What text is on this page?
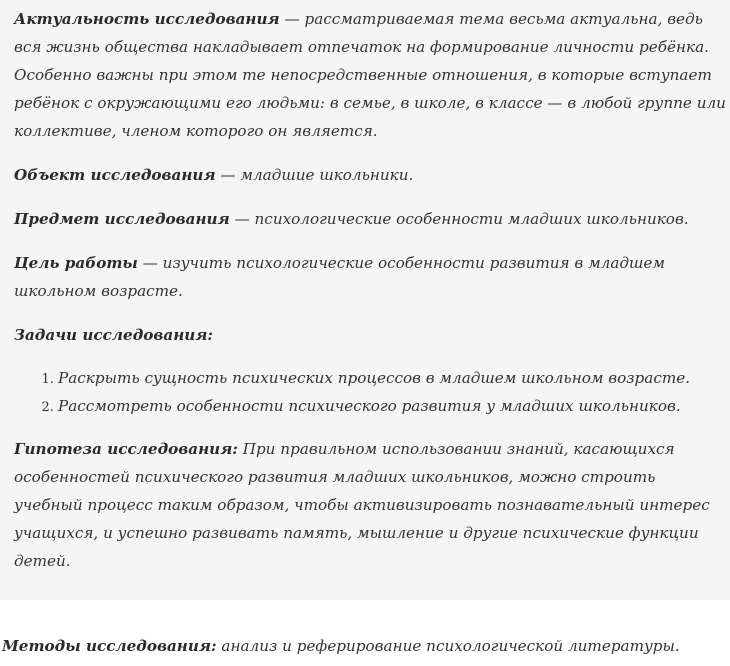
Актуальность исследования — рассматриваемая тема весьма актуальна, ведь вся жизнь общества накладывает отпечаток на формирование личности ребёнка. Особенно важны при этом те непосредственные отношения, в которые вступает ребёнок с окружающими его людьми: в семье, в школе, в классе — в любой группе или коллективе, членом которого он является.

Объект исследования — младшие школьники.

Предмет исследования — психологические особенности младших школьников.

Цель работы — изучить психологические особенности развития в младшем школьном возрасте.

Задачи исследования:

1. Раскрыть сущность психических процессов в младшем школьном возрасте.
2. Рассмотреть особенности психического развития у младших школьников.

Гипотеза исследования: При правильном использовании знаний, касающихся особенностей психического развития младших школьников, можно строить учебный процесс таким образом, чтобы активизировать познавательный интерес учащихся, и успешно развивать память, мышление и другие психические функции детей.

Методы исследования: анализ и реферирование психологической литературы.
